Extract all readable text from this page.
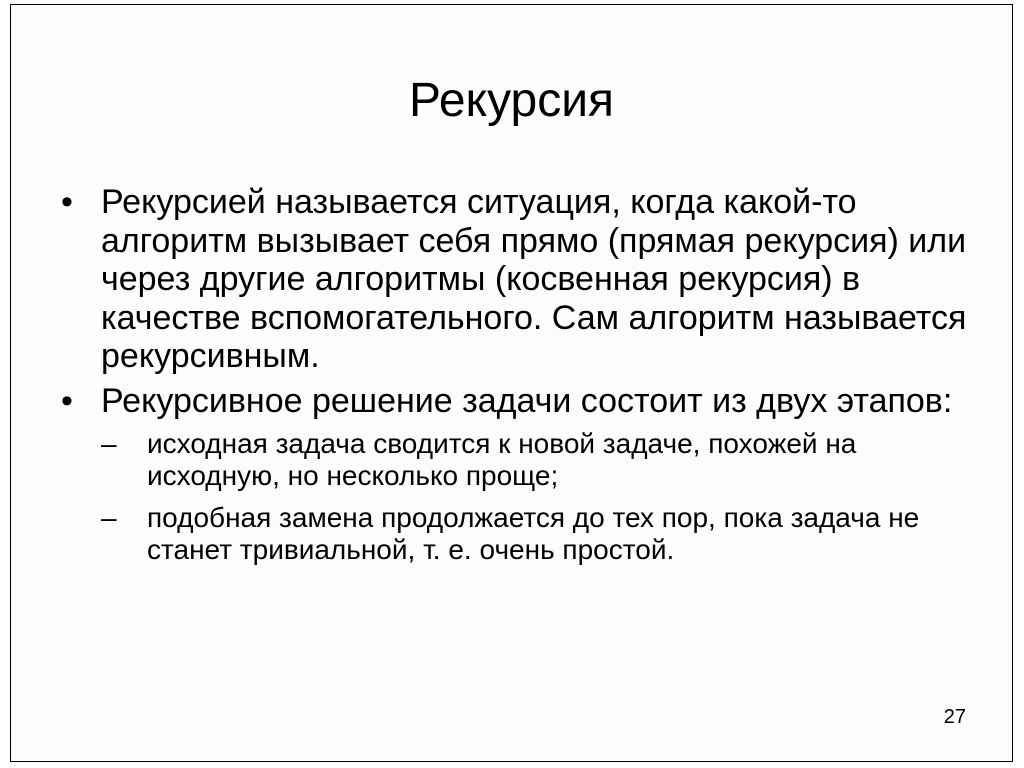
Рекурсия
• Рекурсией называется ситуация, когда какой-то алгоритм вызывает себя прямо (прямая рекурсия) или через другие алгоритмы (косвенная рекурсия) в качестве вспомогательного. Сам алгоритм называется рекурсивным.
• Рекурсивное решение задачи состоит из двух этапов:
– исходная задача сводится к новой задаче, похожей на исходную, но несколько проще;
– подобная замена продолжается до тех пор, пока задача не станет тривиальной, т. е. очень простой.
27
